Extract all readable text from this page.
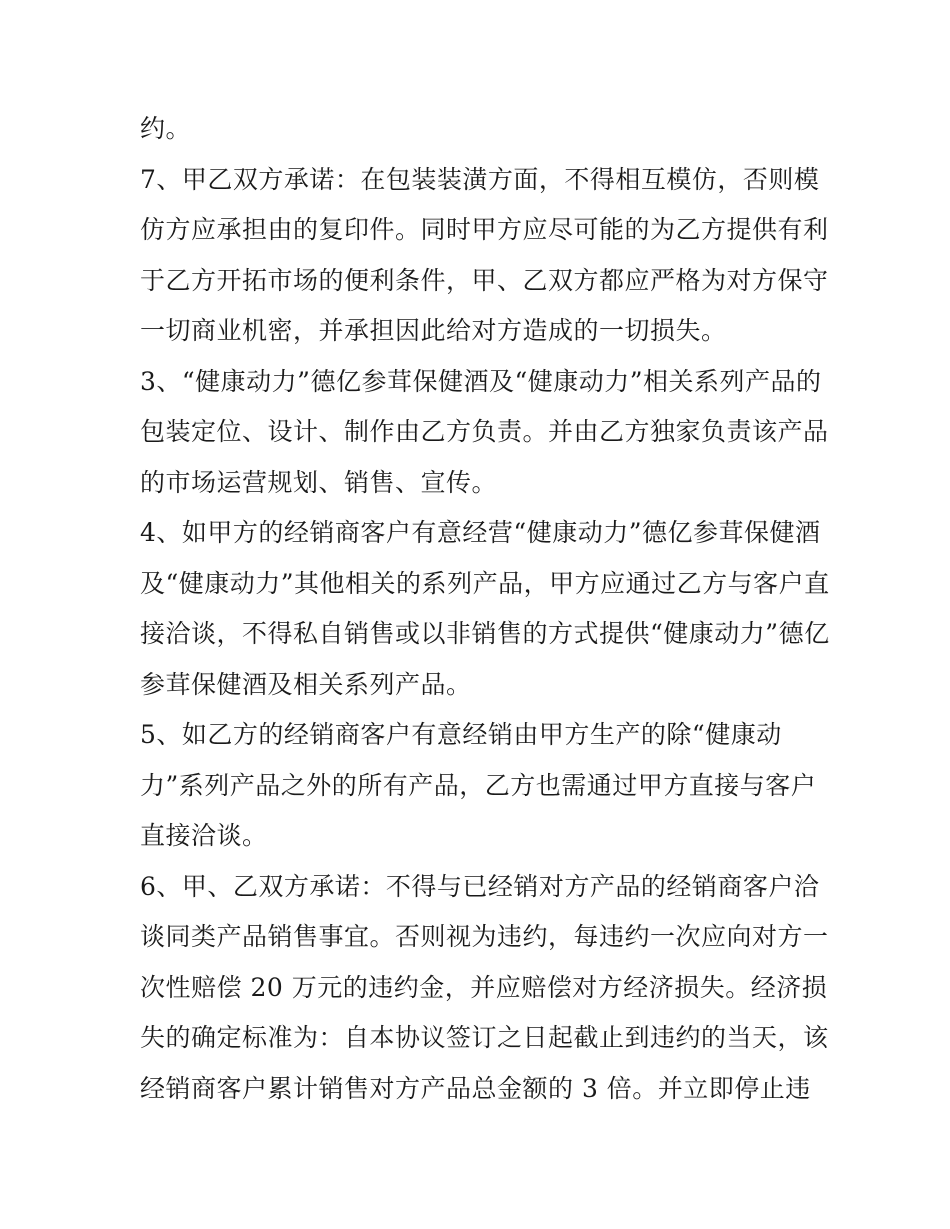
约。
7、甲乙双方承诺：在包装装潢方面，不得相互模仿，否则模
仿方应承担由的复印件。同时甲方应尽可能的为乙方提供有利
于乙方开拓市场的便利条件，甲、乙双方都应严格为对方保守
一切商业机密，并承担因此给对方造成的一切损失。
3、“健康动力”德亿参茸保健酒及“健康动力”相关系列产品的
包装定位、设计、制作由乙方负责。并由乙方独家负责该产品
的市场运营规划、销售、宣传。
4、如甲方的经销商客户有意经营“健康动力”德亿参茸保健酒
及“健康动力”其他相关的系列产品，甲方应通过乙方与客户直
接洽谈，不得私自销售或以非销售的方式提供“健康动力”德亿
参茸保健酒及相关系列产品。
5、如乙方的经销商客户有意经销由甲方生产的除“健康动
力”系列产品之外的所有产品，乙方也需通过甲方直接与客户
直接洽谈。
6、甲、乙双方承诺：不得与已经销对方产品的经销商客户洽
谈同类产品销售事宜。否则视为违约，每违约一次应向对方一
次性赔偿 20 万元的违约金，并应赔偿对方经济损失。经济损
失的确定标准为：自本协议签订之日起截止到违约的当天，该
经销商客户累计销售对方产品总金额的 3 倍。并立即停止违
